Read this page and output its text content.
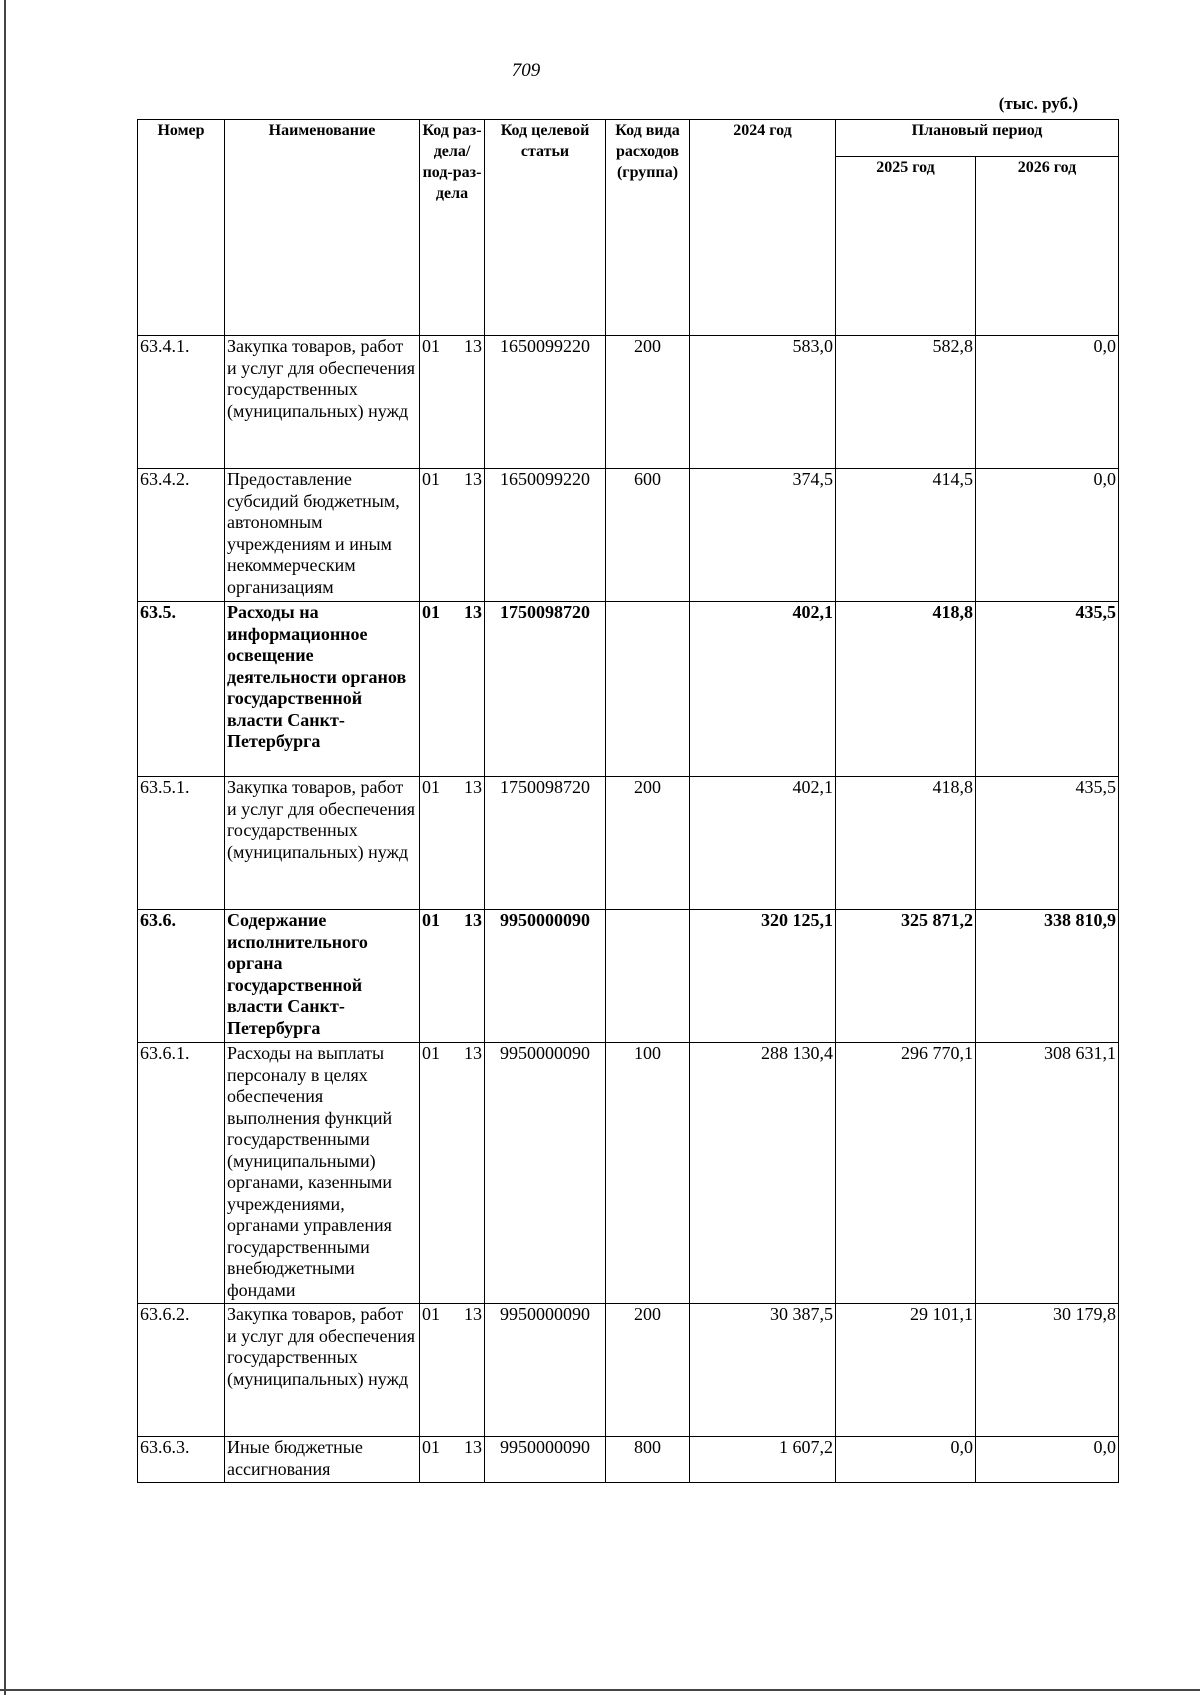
709
(тыс. руб.)
Номер	Наименование	Код раз-дела/ под-раз-дела	Код целевой статьи	Код вида расходов (группа)	2024 год	Плановый период	
						2025 год	2026 год
63.4.1.	Закупка товаров, работ и услуг для обеспечения государственных (муниципальных) нужд	01 13	1650099220	200	583,0	582,8	0,0
63.4.2.	Предоставление субсидий бюджетным, автономным учреждениям и иным некоммерческим организациям	01 13	1650099220	600	374,5	414,5	0,0
63.5.	Расходы на информационное освещение деятельности органов государственной власти Санкт-Петербурга	01 13	1750098720		402,1	418,8	435,5
63.5.1.	Закупка товаров, работ и услуг для обеспечения государственных (муниципальных) нужд	01 13	1750098720	200	402,1	418,8	435,5
63.6.	Содержание исполнительного органа государственной власти Санкт-Петербурга	01 13	9950000090		320 125,1	325 871,2	338 810,9
63.6.1.	Расходы на выплаты персоналу в целях обеспечения выполнения функций государственными (муниципальными) органами, казенными учреждениями, органами управления государственными внебюджетными фондами	01 13	9950000090	100	288 130,4	296 770,1	308 631,1
63.6.2.	Закупка товаров, работ и услуг для обеспечения государственных (муниципальных) нужд	01 13	9950000090	200	30 387,5	29 101,1	30 179,8
63.6.3.	Иные бюджетные ассигнования	01 13	9950000090	800	1 607,2	0,0	0,0
